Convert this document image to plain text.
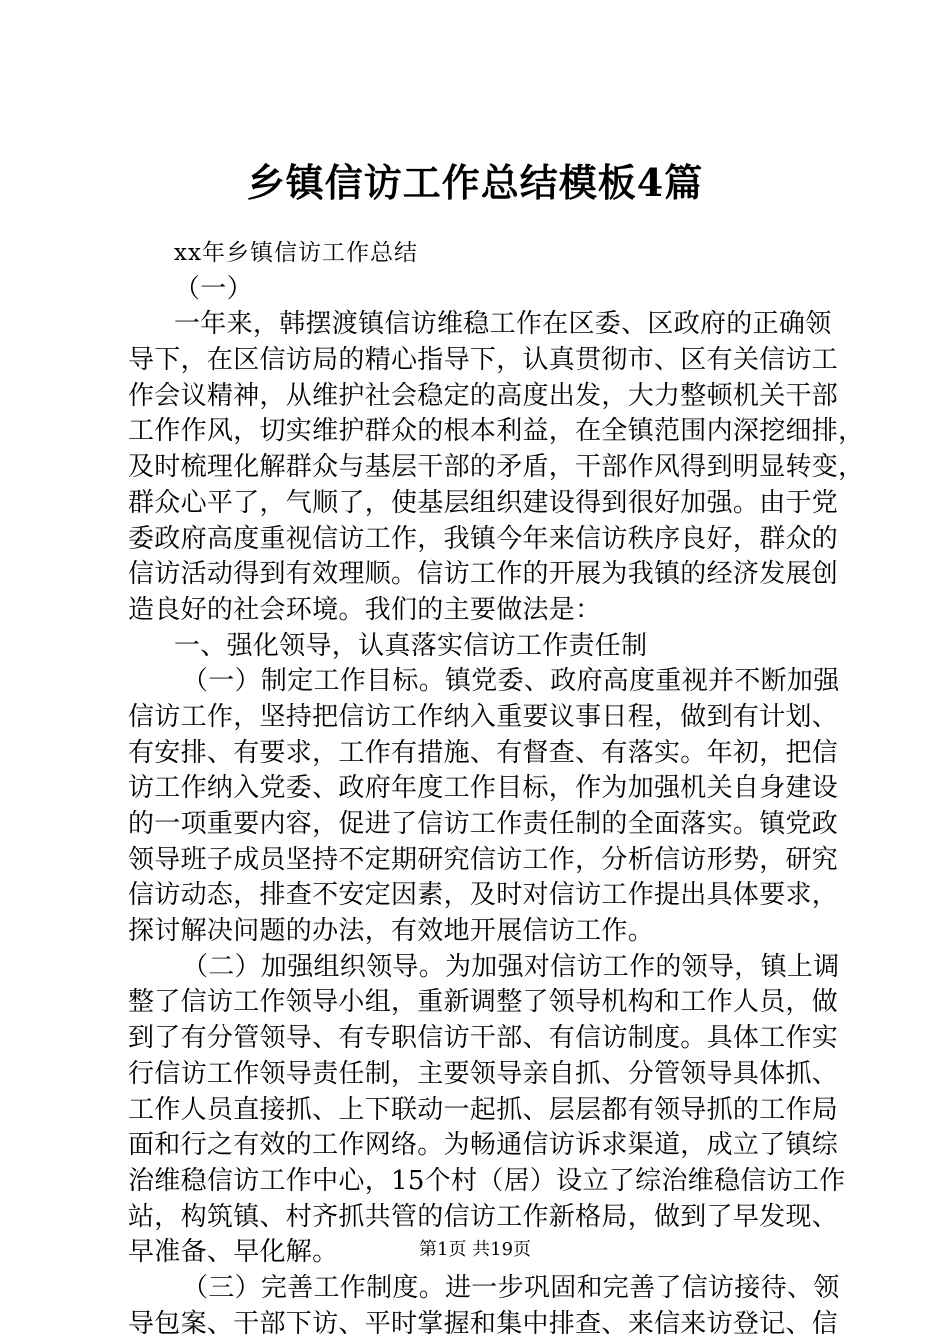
乡镇信访工作总结模板4篇
xx年乡镇信访工作总结
（一）
一年来，韩摆渡镇信访维稳工作在区委、区政府的正确领
导下，在区信访局的精心指导下，认真贯彻市、区有关信访工
作会议精神，从维护社会稳定的高度出发，大力整顿机关干部
工作作风，切实维护群众的根本利益，在全镇范围内深挖细排，
及时梳理化解群众与基层干部的矛盾，干部作风得到明显转变，
群众心平了，气顺了，使基层组织建设得到很好加强。由于党
委政府高度重视信访工作，我镇今年来信访秩序良好，群众的
信访活动得到有效理顺。信访工作的开展为我镇的经济发展创
造良好的社会环境。我们的主要做法是：
一、强化领导，认真落实信访工作责任制
（一）制定工作目标。镇党委、政府高度重视并不断加强
信访工作，坚持把信访工作纳入重要议事日程，做到有计划、
有安排、有要求，工作有措施、有督查、有落实。年初，把信
访工作纳入党委、政府年度工作目标，作为加强机关自身建设
的一项重要内容，促进了信访工作责任制的全面落实。镇党政
领导班子成员坚持不定期研究信访工作，分析信访形势，研究
信访动态，排查不安定因素，及时对信访工作提出具体要求，
探讨解决问题的办法，有效地开展信访工作。
（二）加强组织领导。为加强对信访工作的领导，镇上调
整了信访工作领导小组，重新调整了领导机构和工作人员，做
到了有分管领导、有专职信访干部、有信访制度。具体工作实
行信访工作领导责任制，主要领导亲自抓、分管领导具体抓、
工作人员直接抓、上下联动一起抓、层层都有领导抓的工作局
面和行之有效的工作网络。为畅通信访诉求渠道，成立了镇综
治维稳信访工作中心，15个村（居）设立了综治维稳信访工作
站，构筑镇、村齐抓共管的信访工作新格局，做到了早发现、
早准备、早化解。
（三）完善工作制度。进一步巩固和完善了信访接待、领
导包案、干部下访、平时掌握和集中排查、来信来访登记、信
第1页 共19页
